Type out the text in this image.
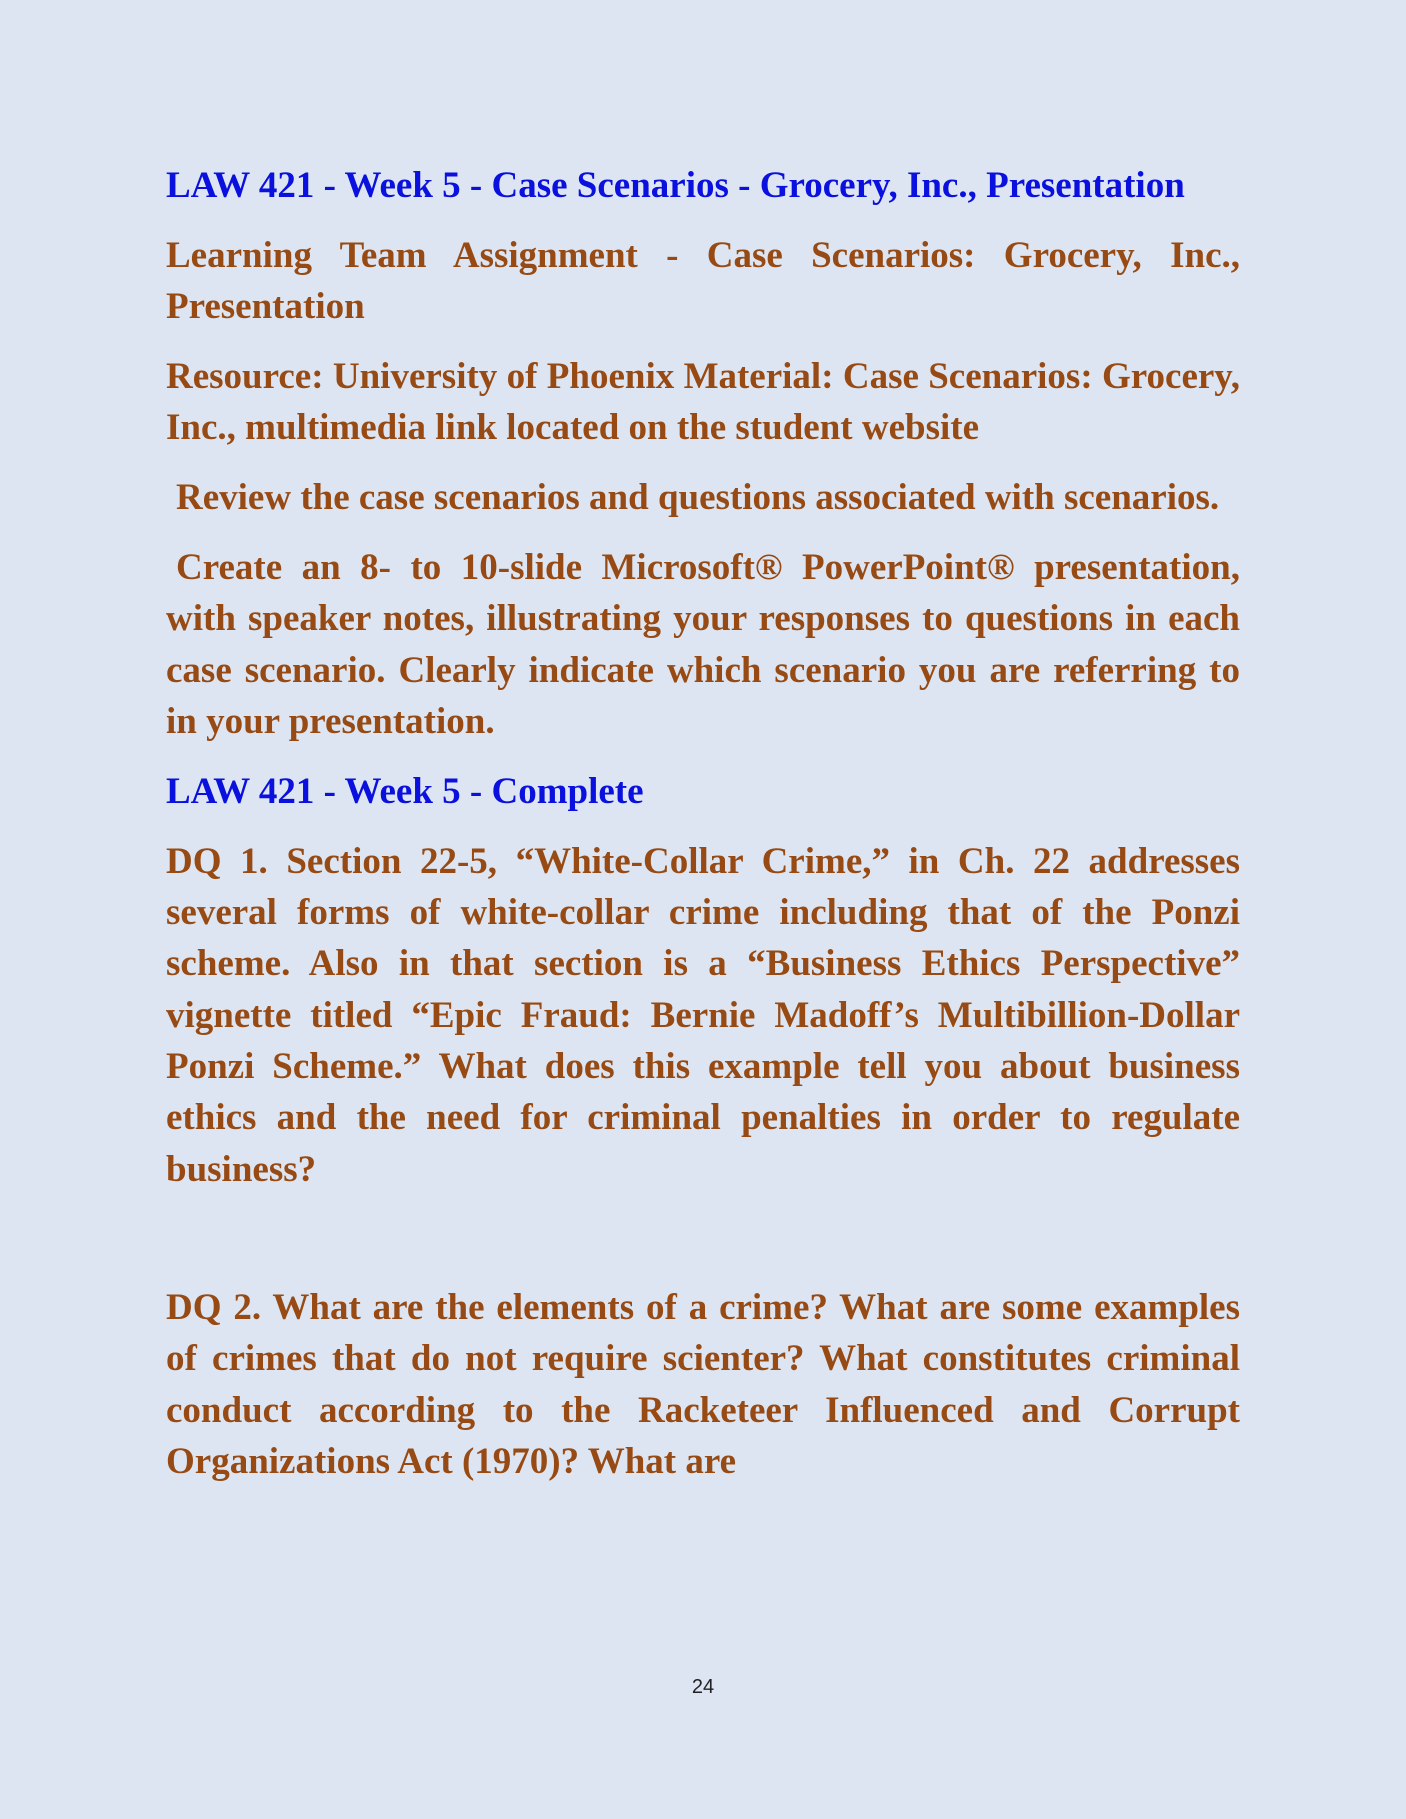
LAW 421 - Week 5 - Case Scenarios - Grocery, Inc., Presentation

Learning Team Assignment - Case Scenarios: Grocery, Inc., Presentation

Resource: University of Phoenix Material: Case Scenarios: Grocery, Inc., multimedia link located on the student website

Review the case scenarios and questions associated with scenarios.

Create an 8- to 10-slide Microsoft® PowerPoint® presentation, with speaker notes, illustrating your responses to questions in each case scenario. Clearly indicate which scenario you are referring to in your presentation.

LAW 421 - Week 5 - Complete

DQ 1. Section 22-5, “White-Collar Crime,” in Ch. 22 addresses several forms of white-collar crime including that of the Ponzi scheme. Also in that section is a “Business Ethics Perspective” vignette titled “Epic Fraud: Bernie Madoff’s Multibillion-Dollar Ponzi Scheme.” What does this example tell you about business ethics and the need for criminal penalties in order to regulate business?

DQ 2. What are the elements of a crime? What are some examples of crimes that do not require scienter? What constitutes criminal conduct according to the Racketeer Influenced and Corrupt Organizations Act (1970)? What are

24
